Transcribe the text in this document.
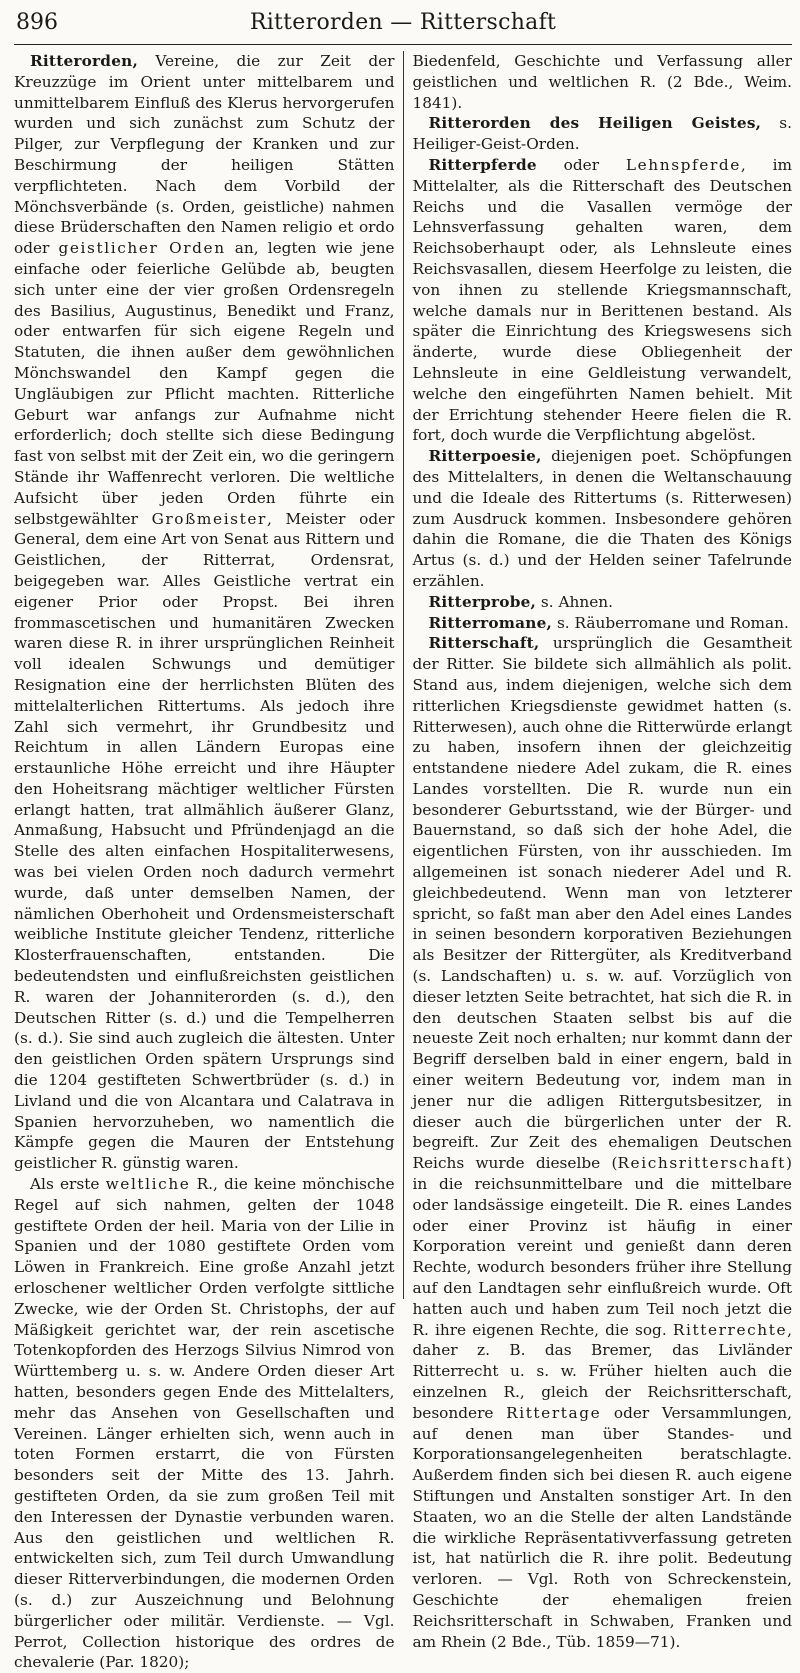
896	Ritterorden — Ritterschaft

Ritterorden, Vereine, die zur Zeit der Kreuzzüge im Orient unter mittelbarem und unmittelbarem Einfluß des Klerus hervorgerufen wurden und sich zunächst zum Schutz der Pilger, zur Verpflegung der Kranken und zur Beschirmung der heiligen Stätten verpflichteten. Nach dem Vorbild der Mönchsverbände (s. Orden, geistliche) nahmen diese Brüderschaften den Namen religio et ordo oder geistlicher Orden an, legten wie jene einfache oder feierliche Gelübde ab, beugten sich unter eine der vier großen Ordensregeln des Basilius, Augustinus, Benedikt und Franz, oder entwarfen für sich eigene Regeln und Statuten, die ihnen außer dem gewöhnlichen Mönchswandel den Kampf gegen die Ungläubigen zur Pflicht machten. Ritterliche Geburt war anfangs zur Aufnahme nicht erforderlich; doch stellte sich diese Bedingung fast von selbst mit der Zeit ein, wo die geringern Stände ihr Waffenrecht verloren. Die weltliche Aufsicht über jeden Orden führte ein selbstgewählter Großmeister, Meister oder General, dem eine Art von Senat aus Rittern und Geistlichen, der Ritterrat, Ordensrat, beigegeben war. Alles Geistliche vertrat ein eigener Prior oder Propst. Bei ihren frommascetischen und humanitären Zwecken waren diese R. in ihrer ursprünglichen Reinheit voll idealen Schwungs und demütiger Resignation eine der herrlichsten Blüten des mittelalterlichen Rittertums. Als jedoch ihre Zahl sich vermehrt, ihr Grundbesitz und Reichtum in allen Ländern Europas eine erstaunliche Höhe erreicht und ihre Häupter den Hoheitsrang mächtiger weltlicher Fürsten erlangt hatten, trat allmählich äußerer Glanz, Anmaßung, Habsucht und Pfründenjagd an die Stelle des alten einfachen Hospitaliterwesens, was bei vielen Orden noch dadurch vermehrt wurde, daß unter demselben Namen, der nämlichen Oberhoheit und Ordensmeisterschaft weibliche Institute gleicher Tendenz, ritterliche Klosterfrauenschaften, entstanden. Die bedeutendsten und einflußreichsten geistlichen R. waren der Johanniterorden (s. d.), den Deutschen Ritter (s. d.) und die Tempelherren (s. d.). Sie sind auch zugleich die ältesten. Unter den geistlichen Orden spätern Ursprungs sind die 1204 gestifteten Schwertbrüder (s. d.) in Livland und die von Alcantara und Calatrava in Spanien hervorzuheben, wo namentlich die Kämpfe gegen die Mauren der Entstehung geistlicher R. günstig waren.

Als erste weltliche R., die keine mönchische Regel auf sich nahmen, gelten der 1048 gestiftete Orden der heil. Maria von der Lilie in Spanien und der 1080 gestiftete Orden vom Löwen in Frankreich. Eine große Anzahl jetzt erloschener weltlicher Orden verfolgte sittliche Zwecke, wie der Orden St. Christophs, der auf Mäßigkeit gerichtet war, der rein ascetische Totenkopforden des Herzogs Silvius Nimrod von Württemberg u. s. w. Andere Orden dieser Art hatten, besonders gegen Ende des Mittelalters, mehr das Ansehen von Gesellschaften und Vereinen. Länger erhielten sich, wenn auch in toten Formen erstarrt, die von Fürsten besonders seit der Mitte des 13. Jahrh. gestifteten Orden, da sie zum großen Teil mit den Interessen der Dynastie verbunden waren. Aus den geistlichen und weltlichen R. entwickelten sich, zum Teil durch Umwandlung dieser Ritterverbindungen, die modernen Orden (s. d.) zur Auszeichnung und Belohnung bürgerlicher oder militär. Verdienste. — Vgl. Perrot, Collection historique des ordres de chevalerie (Par. 1820);

Biedenfeld, Geschichte und Verfassung aller geistlichen und weltlichen R. (2 Bde., Weim. 1841).

Ritterorden des Heiligen Geistes, s. Heiliger-Geist-Orden.

Ritterpferde oder Lehnspferde, im Mittelalter, als die Ritterschaft des Deutschen Reichs und die Vasallen vermöge der Lehnsverfassung gehalten waren, dem Reichsoberhaupt oder, als Lehnsleute eines Reichsvasallen, diesem Heerfolge zu leisten, die von ihnen zu stellende Kriegsmannschaft, welche damals nur in Berittenen bestand. Als später die Einrichtung des Kriegswesens sich änderte, wurde diese Obliegenheit der Lehnsleute in eine Geldleistung verwandelt, welche den eingeführten Namen behielt. Mit der Errichtung stehender Heere fielen die R. fort, doch wurde die Verpflichtung abgelöst.

Ritterpoesie, diejenigen poet. Schöpfungen des Mittelalters, in denen die Weltanschauung und die Ideale des Rittertums (s. Ritterwesen) zum Ausdruck kommen. Insbesondere gehören dahin die Romane, die die Thaten des Königs Artus (s. d.) und der Helden seiner Tafelrunde erzählen.

Ritterprobe, s. Ahnen.

Ritterromane, s. Räuberromane und Roman.

Ritterschaft, ursprünglich die Gesamtheit der Ritter. Sie bildete sich allmählich als polit. Stand aus, indem diejenigen, welche sich dem ritterlichen Kriegsdienste gewidmet hatten (s. Ritterwesen), auch ohne die Ritterwürde erlangt zu haben, insofern ihnen der gleichzeitig entstandene niedere Adel zukam, die R. eines Landes vorstellten. Die R. wurde nun ein besonderer Geburtsstand, wie der Bürger- und Bauernstand, so daß sich der hohe Adel, die eigentlichen Fürsten, von ihr ausschieden. Im allgemeinen ist sonach niederer Adel und R. gleichbedeutend. Wenn man von letzterer spricht, so faßt man aber den Adel eines Landes in seinen besondern korporativen Beziehungen als Besitzer der Rittergüter, als Kreditverband (s. Landschaften) u. s. w. auf. Vorzüglich von dieser letzten Seite betrachtet, hat sich die R. in den deutschen Staaten selbst bis auf die neueste Zeit noch erhalten; nur kommt dann der Begriff derselben bald in einer engern, bald in einer weitern Bedeutung vor, indem man in jener nur die adligen Rittergutsbesitzer, in dieser auch die bürgerlichen unter der R. begreift. Zur Zeit des ehemaligen Deutschen Reichs wurde dieselbe (Reichsritterschaft) in die reichsunmittelbare und die mittelbare oder landsässige eingeteilt. Die R. eines Landes oder einer Provinz ist häufig in einer Korporation vereint und genießt dann deren Rechte, wodurch besonders früher ihre Stellung auf den Landtagen sehr einflußreich wurde. Oft hatten auch und haben zum Teil noch jetzt die R. ihre eigenen Rechte, die sog. Ritterrechte, daher z. B. das Bremer, das Livländer Ritterrecht u. s. w. Früher hielten auch die einzelnen R., gleich der Reichsritterschaft, besondere Rittertage oder Versammlungen, auf denen man über Standes- und Korporationsangelegenheiten beratschlagte. Außerdem finden sich bei diesen R. auch eigene Stiftungen und Anstalten sonstiger Art. In den Staaten, wo an die Stelle der alten Landstände die wirkliche Repräsentativverfassung getreten ist, hat natürlich die R. ihre polit. Bedeutung verloren. — Vgl. Roth von Schreckenstein, Geschichte der ehemaligen freien Reichsritterschaft in Schwaben, Franken und am Rhein (2 Bde., Tüb. 1859—71).
